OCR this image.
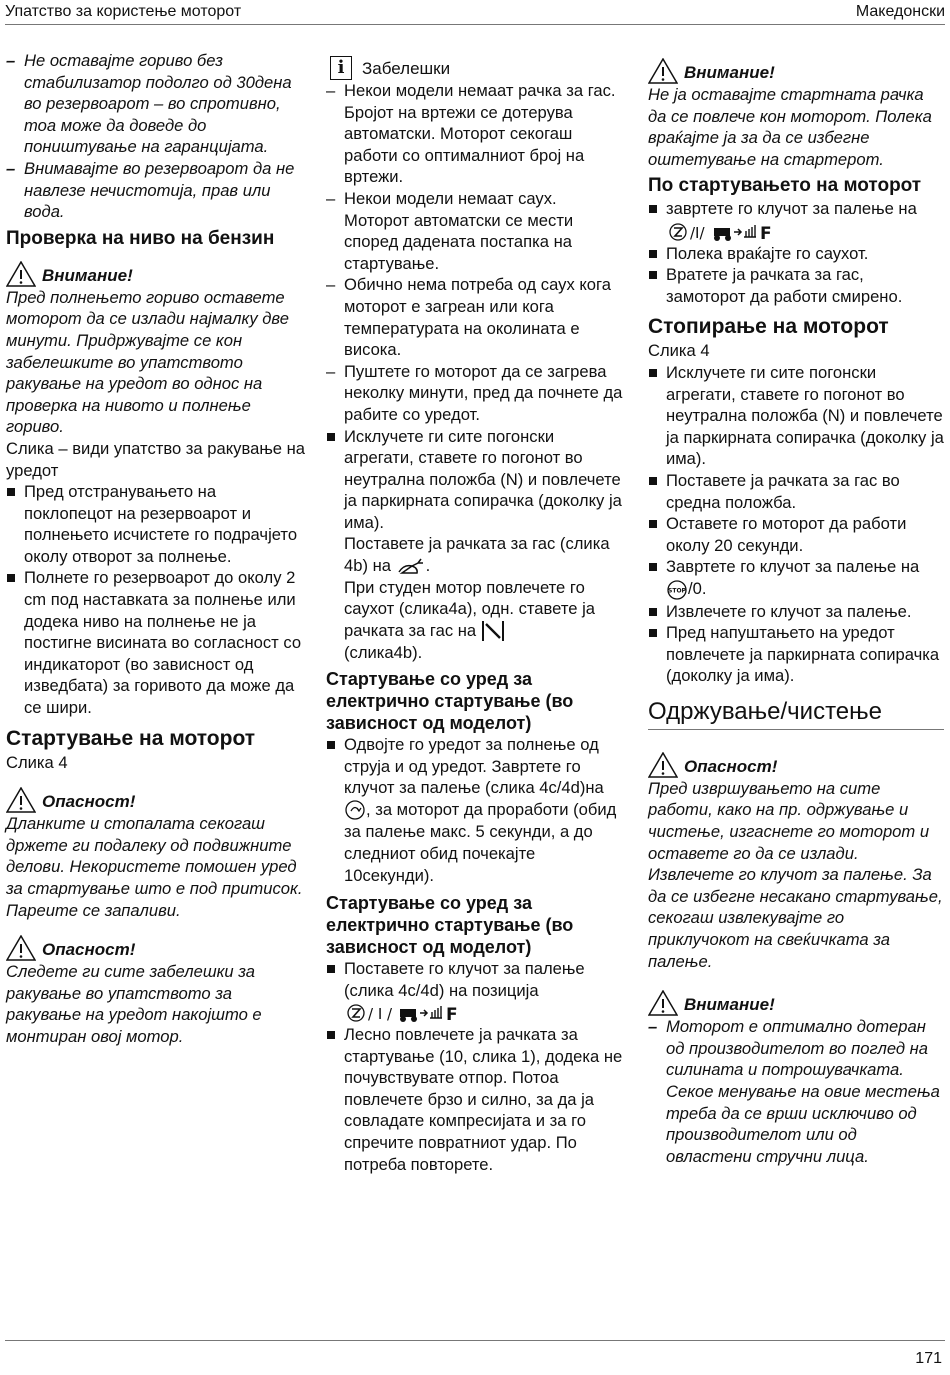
Упатство за користење моторот	Македонски
– Не оставајте гориво без стабилизатор подолго од 30дена во резервоарот – во спротивно, тоа може да доведе до поништување на гаранцијата.
– Внимавајте во резервоарот да не навлезе нечистотија, прав или вода.
Проверка на ниво на бензин
Внимание!

Пред полнењето гориво оставете моторот да се излади најмалку две минути. Придржувајте се кон забелешките во упатството ракување на уредот во однос на проверка на нивото и полнење гориво.

Слика – види упатство за ракување на уредот

Пред отстранувањето на поклопецот на резервоарот и полнењето исчистете го подрачјето околу отворот за полнење.
Полнете го резервоарот до околу 2 cm под наставката за полнење или додека ниво на полнење не ја постигне висината во согласност со индикаторот (во зависност од изведбата) за горивото да може да се шири.
Стартување на моторот

Слика 4

Опасност!

Дланките и стопалата секогаш држете ги подалеку од подвижните делови. Некористете помошен уред за стартување што е под притисок. Пареите се запаливи.

Опасност!

Следете ги сите забелешки за ракување во упатството за ракување на уредот накојшто е монтиран овој мотор.

i	Забелешки
– Некои модели немаат рачка за гас. Бројот на вртежи се дотерува автоматски. Моторот секогаш работи со оптималниот број на вртежи.
– Некои модели немаат саух. Моторот автоматски се мести според дадената постапка на стартување.
– Обично нема потреба од саух кога моторот е загреан или кога температурата на околината е висока.
– Пуштете го моторот да се загрева неколку минути, пред да почнете да рабите со уредот.
Исклучете ги сите погонски агрегати, ставете го погонот во неутрална положба (N) и повлечете ја паркирната сопирачка (доколку ја има).
Поставете ја рачката за гас (слика 4b) на .
При студен мотор повлечете го саухот (слика4а), одн. ставете ја рачката за гас на

(слика4b).
Стартување со уред за електрично стартување (во зависност од моделот)
Одвојте го уредот за полнење од струја и од уредот. Завртете го клучот за палење (слика 4c/4d)на
, за моторот да проработи (обид за палење макс. 5 секунди, а до следниот обид почекајте 10секунди).
Стартување со уред за електрично стартување (во зависност од моделот)
Поставете го клучот за палење (слика 4c/4d) на позиција

/ I /	F
Лесно повлечете ја рачката за стартување (10, слика 1), додека не почувствувате отпор. Потоа повлечете брзо и силно, за да ја совладате компресијата и за го спречите повратниот удар. По потреба повторете.
Внимание!

Не ја оставајте стартната рачка да се повлече кон моторот. Полека враќајте ја за да се избегне оштетување на стартерот.

По стартувањето на моторот
завртете го клучот за палење на

/I/	F
Полека враќајте го саухот.
Вратете ја рачката за гас, замоторот да работи смирено.
Стопирање на моторот

Слика 4

Исклучете ги сите погонски агрегати, ставете го погонот во неутрална положба (N) и повлечете ја паркирната сопирачка (доколку ја има).
Поставете ја рачката за гас во средна положба.
Оставете го моторот да работи околу 20 секунди.
Завртете го клучот за палење на
STOP /0.
Извлечете го клучот за палење.
Пред напуштањето на уредот повлечете ја паркирната сопирачка (доколку ја има).
Одржување/чистење
Опасност!

Пред извршувањето на сите работи, како на пр. одржување и чистење, изгаснете го моторот и оставете го да се излади. Извлечете го клучот за палење. За да се избегне несакано стартување, секогаш извлекувајте го приклучокот на свеќичката за палење.

Внимание!
– Моторот е оптимално дотеран од производителот во поглед на силината и потрошувачката. Секое менување на овие местења треба да се врши исключиво од производителот или од овластени стручни лица.
171
